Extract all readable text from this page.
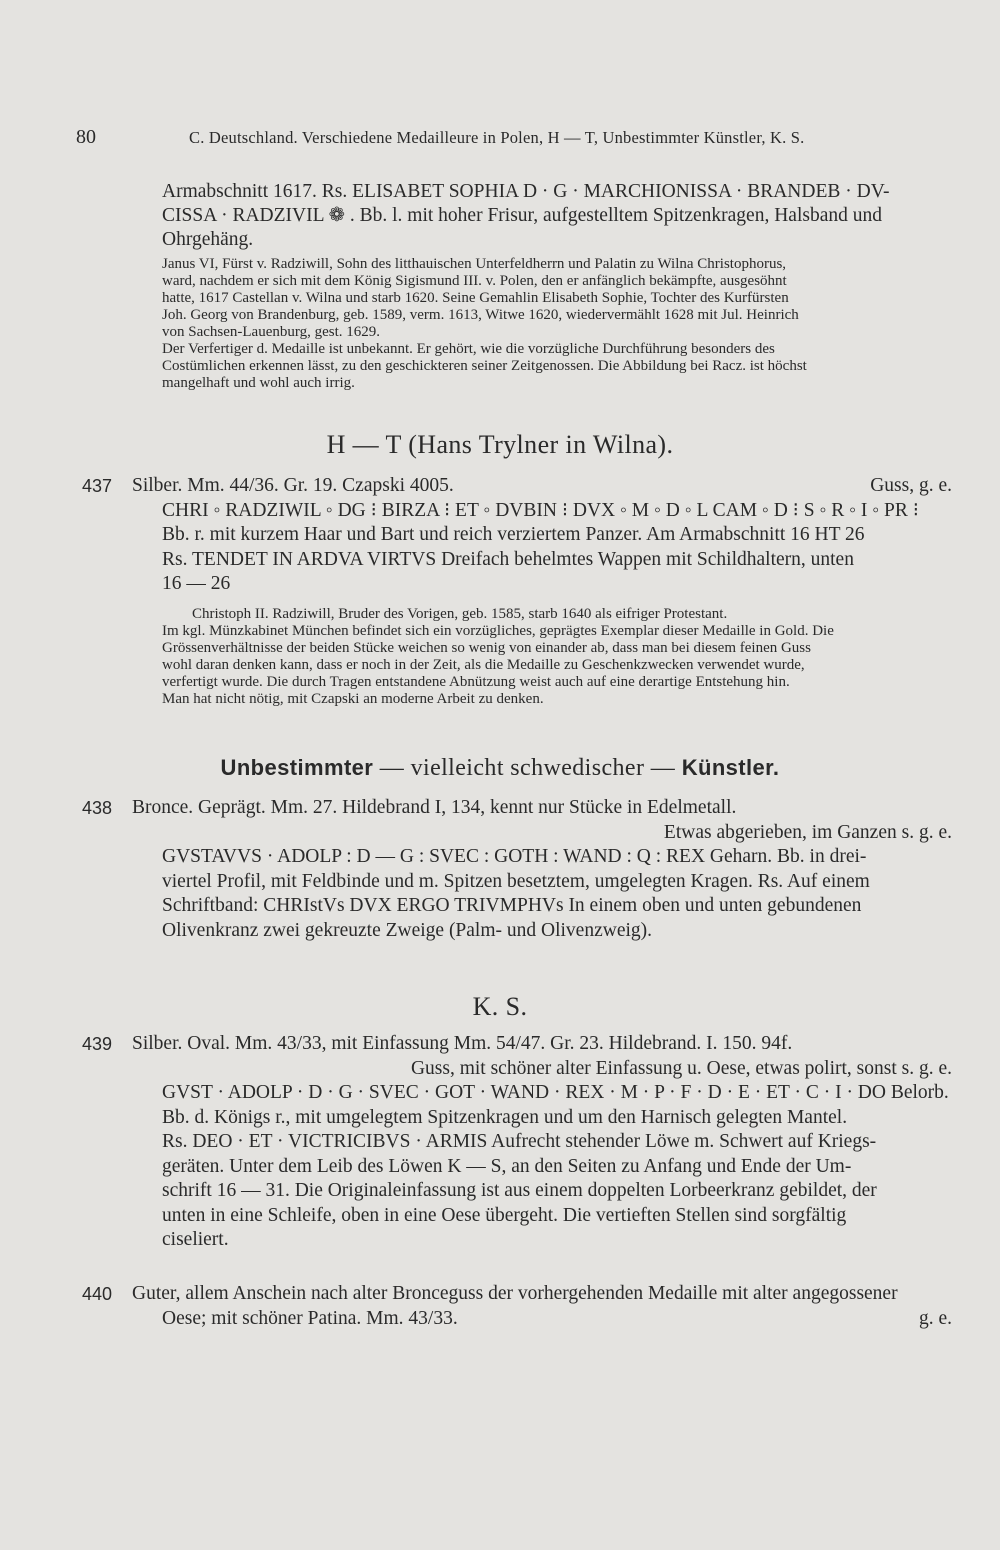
80	C. Deutschland. Verschiedene Medailleure in Polen, H — T, Unbestimmter Künstler, K. S.

Armabschnitt 1617. Rs. ELISABET SOPHIA D · G · MARCHIONISSA · BRANDEB · DV-

CISSA · RADZIVIL ❁ . Bb. l. mit hoher Frisur, aufgestelltem Spitzenkragen, Halsband und

Ohrgehäng.

Janus VI, Fürst v. Radziwill, Sohn des litthauischen Unterfeldherrn und Palatin zu Wilna Christophorus,

ward, nachdem er sich mit dem König Sigismund III. v. Polen, den er anfänglich bekämpfte, ausgesöhnt

hatte, 1617 Castellan v. Wilna und starb 1620. Seine Gemahlin Elisabeth Sophie, Tochter des Kurfürsten

Joh. Georg von Brandenburg, geb. 1589, verm. 1613, Witwe 1620, wiedervermählt 1628 mit Jul. Heinrich

von Sachsen-Lauenburg, gest. 1629.

Der Verfertiger d. Medaille ist unbekannt. Er gehört, wie die vorzügliche Durchführung besonders des

Costümlichen erkennen lässt, zu den geschickteren seiner Zeitgenossen. Die Abbildung bei Racz. ist höchst

mangelhaft und wohl auch irrig.

H — T (Hans Trylner in Wilna).
437	Guss, g. e.
Silber. Mm. 44/36. Gr. 19. Czapski 4005.

CHRI ◦ RADZIWIL ◦ DG ⁝ BIRZA ⁝ ET ◦ DVBIN ⁝ DVX ◦ M ◦ D ◦ L CAM ◦ D ⁝ S ◦ R ◦ I ◦ PR ⁝

Bb. r. mit kurzem Haar und Bart und reich verziertem Panzer. Am Armabschnitt 16 HT 26

Rs. TENDET IN ARDVA VIRTVS Dreifach behelmtes Wappen mit Schildhaltern, unten

16 — 26

Christoph II. Radziwill, Bruder des Vorigen, geb. 1585, starb 1640 als eifriger Protestant.

Im kgl. Münzkabinet München befindet sich ein vorzügliches, geprägtes Exemplar dieser Medaille in Gold. Die

Grössenverhältnisse der beiden Stücke weichen so wenig von einander ab, dass man bei diesem feinen Guss

wohl daran denken kann, dass er noch in der Zeit, als die Medaille zu Geschenkzwecken verwendet wurde,

verfertigt wurde. Die durch Tragen entstandene Abnützung weist auch auf eine derartige Entstehung hin.

Man hat nicht nötig, mit Czapski an moderne Arbeit zu denken.

Unbestimmter — vielleicht schwedischer — Künstler.
438	Bronce. Geprägt. Mm. 27. Hildebrand I, 134, kennt nur Stücke in Edelmetall.

Etwas abgerieben, im Ganzen s. g. e.

GVSTAVVS · ADOLP : D — G : SVEC : GOTH : WAND : Q : REX Geharn. Bb. in drei-

viertel Profil, mit Feldbinde und m. Spitzen besetztem, umgelegten Kragen. Rs. Auf einem

Schriftband: CHRIstVs DVX ERGO TRIVMPHVs In einem oben und unten gebundenen

Olivenkranz zwei gekreuzte Zweige (Palm- und Olivenzweig).

K. S.
439	Silber. Oval. Mm. 43/33, mit Einfassung Mm. 54/47. Gr. 23. Hildebrand. I. 150. 94f.

Guss, mit schöner alter Einfassung u. Oese, etwas polirt, sonst s. g. e.

GVST · ADOLP · D · G · SVEC · GOT · WAND · REX · M · P · F · D · E · ET · C · I · DO Belorb.

Bb. d. Königs r., mit umgelegtem Spitzenkragen und um den Harnisch gelegten Mantel.

Rs. DEO · ET · VICTRICIBVS · ARMIS Aufrecht stehender Löwe m. Schwert auf Kriegs-

geräten. Unter dem Leib des Löwen K — S, an den Seiten zu Anfang und Ende der Um-

schrift 16 — 31. Die Originaleinfassung ist aus einem doppelten Lorbeerkranz gebildet, der

unten in eine Schleife, oben in eine Oese übergeht. Die vertieften Stellen sind sorgfältig

ciseliert.

440	Guter, allem Anschein nach alter Bronceguss der vorhergehenden Medaille mit alter angegossener

g. e.
Oese; mit schöner Patina. Mm. 43/33.
